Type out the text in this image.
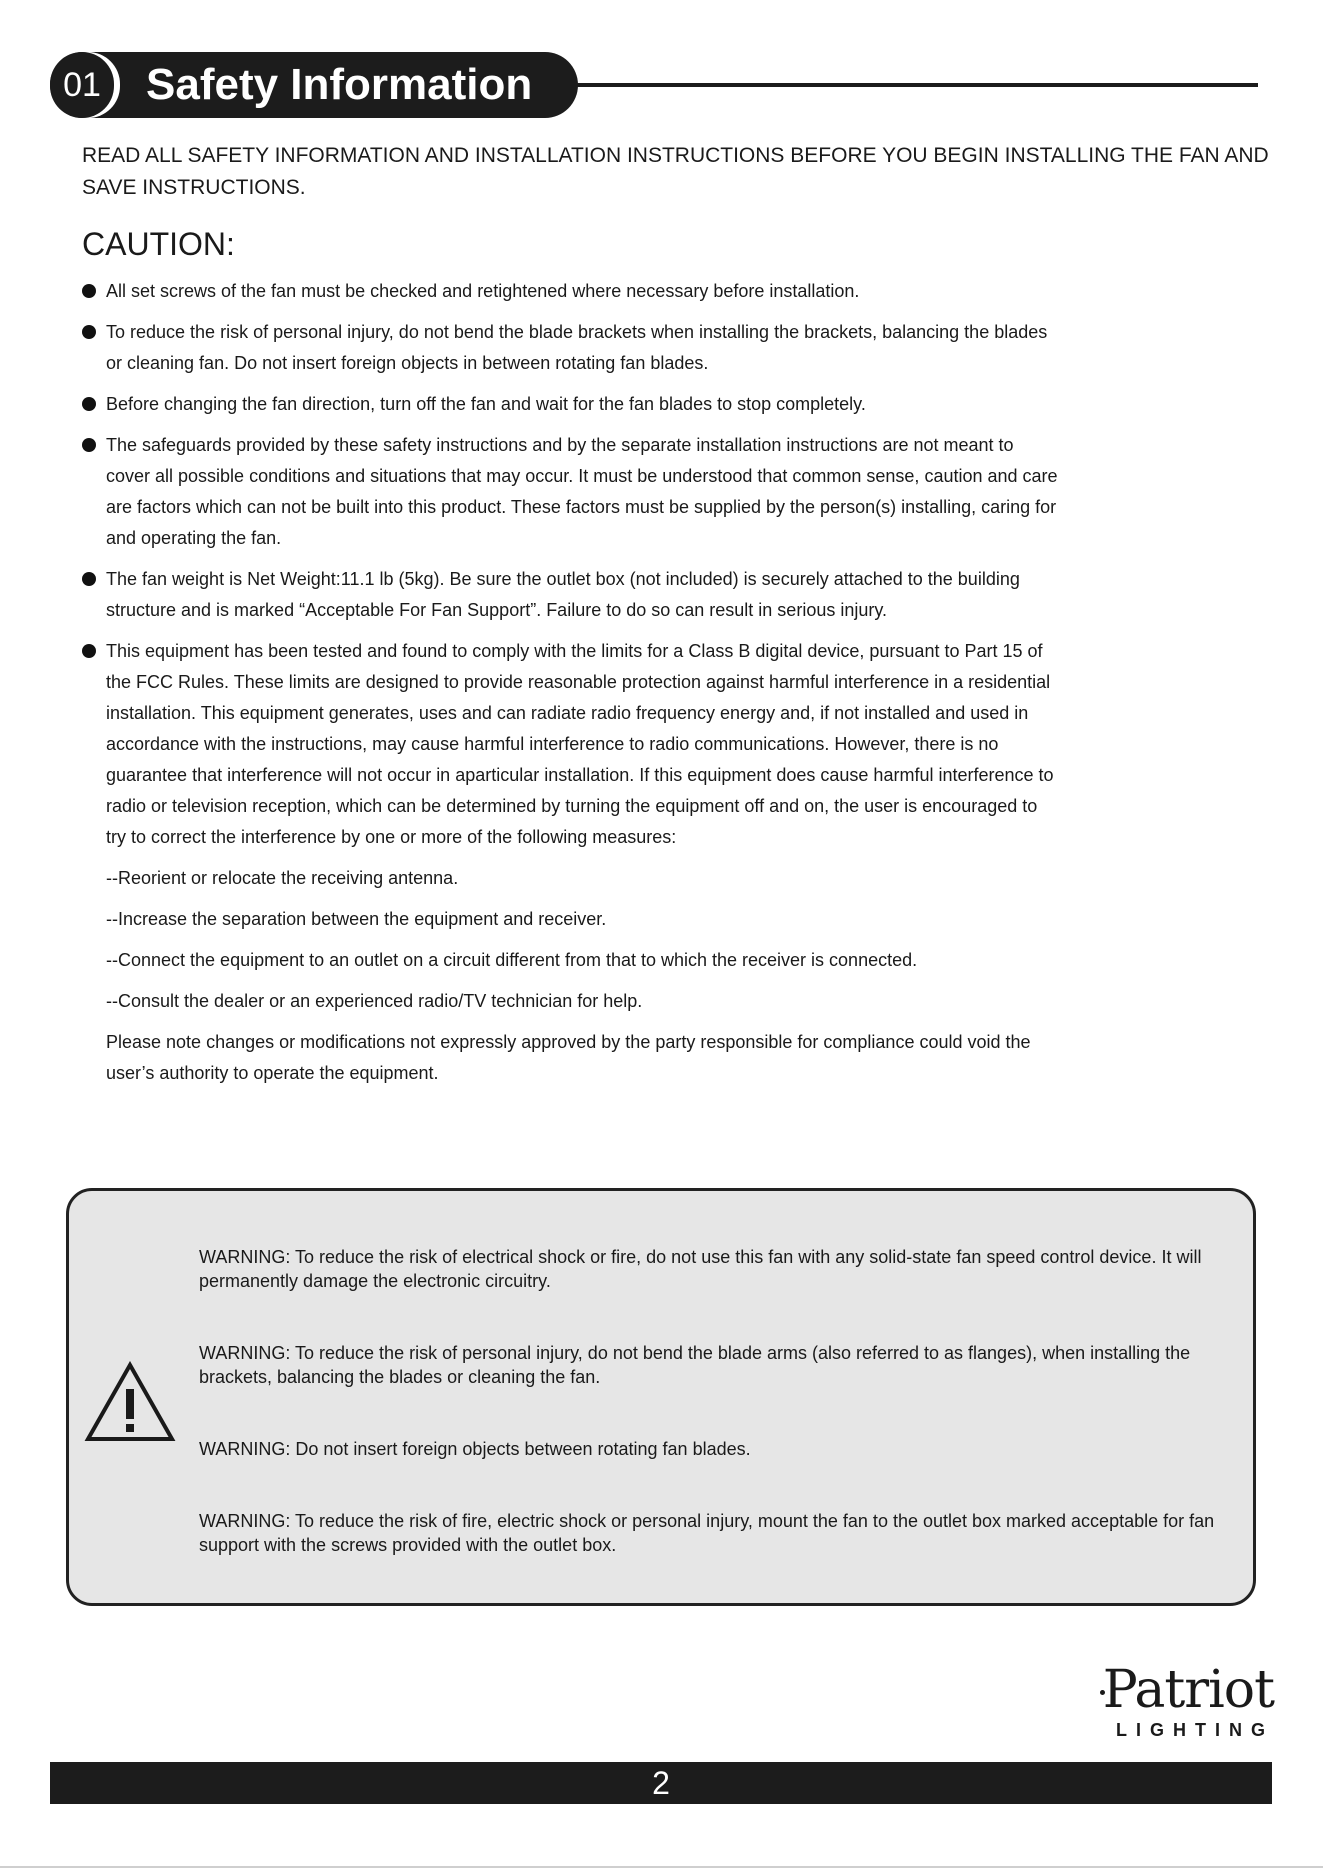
01 Safety Information

READ ALL SAFETY INFORMATION AND INSTALLATION INSTRUCTIONS BEFORE YOU BEGIN INSTALLING THE FAN AND SAVE INSTRUCTIONS.

CAUTION:
All set screws of the fan must be checked and retightened where necessary before installation.
To reduce the risk of personal injury, do not bend the blade brackets when installing the brackets, balancing the blades or cleaning fan. Do not insert foreign objects in between rotating fan blades.
Before changing the fan direction, turn off the fan and wait for the fan blades to stop completely.
The safeguards provided by these safety instructions and by the separate installation instructions are not meant to cover all possible conditions and situations that may occur. It must be understood that common sense, caution and care are factors which can not be built into this product. These factors must be supplied by the person(s) installing, caring for and operating the fan.
The fan weight is Net Weight:11.1 lb (5kg). Be sure the outlet box (not included) is securely attached to the building structure and is marked “Acceptable For Fan Support”. Failure to do so can result in serious injury.
This equipment has been tested and found to comply with the limits for a Class B digital device, pursuant to Part 15 of the FCC Rules. These limits are designed to provide reasonable protection against harmful interference in a residential installation. This equipment generates, uses and can radiate radio frequency energy and, if not installed and used in accordance with the instructions, may cause harmful interference to radio communications. However, there is no guarantee that interference will not occur in aparticular installation. If this equipment does cause harmful interference to radio or television reception, which can be determined by turning the equipment off and on, the user is encouraged to try to correct the interference by one or more of the following measures:
--Reorient or relocate the receiving antenna.
--Increase the separation between the equipment and receiver.
--Connect the equipment to an outlet on a circuit different from that to which the receiver is connected.
--Consult the dealer or an experienced radio/TV technician for help.
Please note changes or modifications not expressly approved by the party responsible for compliance could void the user’s authority to operate the equipment.

WARNING: To reduce the risk of electrical shock or fire, do not use this fan with any solid-state fan speed control device. It will permanently damage the electronic circuitry.

WARNING: To reduce the risk of personal injury, do not bend the blade arms (also referred to as flanges), when installing the brackets, balancing the blades or cleaning the fan.

WARNING: Do not insert foreign objects between rotating fan blades.

WARNING: To reduce the risk of fire, electric shock or personal injury, mount the fan to the outlet box marked acceptable for fan support with the screws provided with the outlet box.

Patriot
LIGHTING
2
